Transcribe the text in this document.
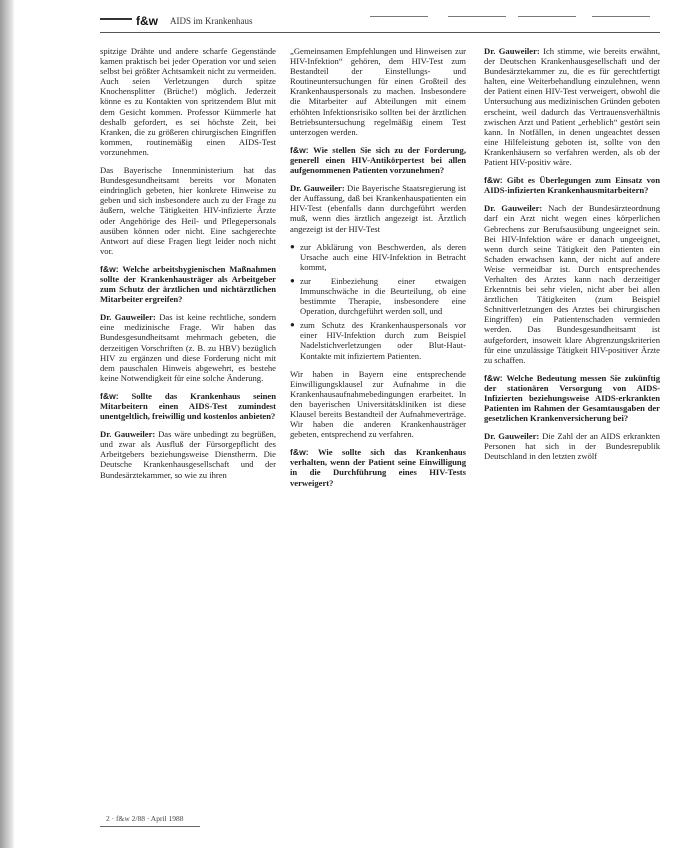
f&w AIDS im Krankenhaus

spitzige Drähte und andere scharfe Gegenstände kamen praktisch bei jeder Operation vor und seien selbst bei größter Achtsamkeit nicht zu vermeiden. Auch seien Verletzungen durch spitze Knochensplitter (Brüche!) möglich. Jederzeit könne es zu Kontakten von spritzendem Blut mit dem Gesicht kommen. Professor Kümmerle hat deshalb gefordert, es sei höchste Zeit, bei Kranken, die zu größeren chirurgischen Eingriffen kommen, routinemäßig einen AIDS-Test vorzunehmen.

Das Bayerische Innenministerium hat das Bundesgesundheitsamt bereits vor Monaten eindringlich gebeten, hier konkrete Hinweise zu geben und sich insbesondere auch zu der Frage zu äußern, welche Tätigkeiten HIV-infizierte Ärzte oder Angehörige des Heil- und Pflegepersonals ausüben können oder nicht. Eine sachgerechte Antwort auf diese Fragen liegt leider noch nicht vor.

f&w: Welche arbeitshygienischen Maßnahmen sollte der Krankenhausträger als Arbeitgeber zum Schutz der ärztlichen und nichtärztlichen Mitarbeiter ergreifen?

Dr. Gauweiler: Das ist keine rechtliche, sondern eine medizinische Frage. Wir haben das Bundesgesundheitsamt mehrmach gebeten, die derzeitigen Vorschriften (z. B. zu HBV) bezüglich HIV zu ergänzen und diese Forderung nicht mit dem pauschalen Hinweis abgewehrt, es bestehe keine Notwendigkeit für eine solche Änderung.

f&w: Sollte das Krankenhaus seinen Mitarbeitern einen AIDS-Test zumindest unentgeltlich, freiwillig und kostenlos anbieten?

Dr. Gauweiler: Das wäre unbedingt zu begrüßen, und zwar als Ausfluß der Fürsorgepflicht des Arbeitgebers beziehungsweise Dienstherrn. Die Deutsche Krankenhausgesellschaft und der Bundesärztekammer, so wie zu ihren

„Gemeinsamen Empfehlungen und Hinweisen zur HIV-Infektion“ gehören, dem HIV-Test zum Bestandteil der Einstellungs- und Routineuntersuchungen für einen Großteil des Krankenhauspersonals zu machen. Insbesondere die Mitarbeiter auf Abteilungen mit einem erhöhten Infektionsrisiko sollten bei der ärztlichen Betriebsuntersuchung regelmäßig einem Test unterzogen werden.

f&w: Wie stellen Sie sich zu der Forderung, generell einen HIV-Antikörpertest bei allen aufgenommenen Patienten vorzunehmen?

Dr. Gauweiler: Die Bayerische Staatsregierung ist der Auffassung, daß bei Krankenhauspatienten ein HIV-Test (ebenfalls dann durchgeführt werden muß, wenn dies ärztlich angezeigt ist. Ärztlich angezeigt ist der HIV-Test

● zur Abklärung von Beschwerden, als deren Ursache auch eine HIV-Infektion in Betracht kommt,
● zur Einbeziehung einer etwaigen Immunschwäche in die Beurteilung, ob eine bestimmte Therapie, insbesondere eine Operation, durchgeführt werden soll, und
● zum Schutz des Krankenhauspersonals vor einer HIV-Infektion durch zum Beispiel Nadelstichverletzungen oder Blut-Haut-Kontakte mit infiziertem Patienten.

Wir haben in Bayern eine entsprechende Einwilligungsklausel zur Aufnahme in die Krankenhausaufnahmebedingungen erarbeitet. In den bayerischen Universitätskliniken ist diese Klausel bereits Bestandteil der Aufnahmeverträge. Wir haben die anderen Krankenhausträger gebeten, entsprechend zu verfahren.

f&w: Wie sollte sich das Krankenhaus verhalten, wenn der Patient seine Einwilligung in die Durchführung eines HIV-Tests verweigert?

Dr. Gauweiler: Ich stimme, wie bereits erwähnt, der Deutschen Krankenhausgesellschaft und der Bundesärztekammer zu, die es für gerechtfertigt halten, eine Weiterbehandlung einzulehnen, wenn der Patient einen HIV-Test verweigert, obwohl die Untersuchung aus medizinischen Gründen geboten erscheint, weil dadurch das Vertrauensverhältnis zwischen Arzt und Patient „erheblich“ gestört sein kann. In Notfällen, in denen ungeachtet dessen eine Hilfeleistung geboten ist, sollte von den Krankenhäusern so verfahren werden, als ob der Patient HIV-positiv wäre.

f&w: Gibt es Überlegungen zum Einsatz von AIDS-infizierten Krankenhausmitarbeitern?

Dr. Gauweiler: Nach der Bundesärzteordnung darf ein Arzt nicht wegen eines körperlichen Gebrechens zur Berufsausübung ungeeignet sein. Bei HIV-Infektion wäre er danach ungeeignet, wenn durch seine Tätigkeit den Patienten ein Schaden erwachsen kann, der nicht auf andere Weise vermeidbar ist. Durch entsprechendes Verhalten des Arztes kann nach derzeitiger Erkenntnis bei sehr vielen, nicht aber bei allen ärztlichen Tätigkeiten (zum Beispiel Schnittverletzungen des Arztes bei chirurgischen Eingriffen) ein Patientenschaden vermieden werden. Das Bundesgesundheitsamt ist aufgefordert, insoweit klare Abgrenzungskriterien für eine unzulässige Tätigkeit HIV-positiver Ärzte zu schaffen.

f&w: Welche Bedeutung messen Sie zukünftig der stationären Versorgung von AIDS-Infizierten beziehungsweise AIDS-erkrankten Patienten im Rahmen der Gesamtausgaben der gesetzlichen Krankenversicherung bei?

Dr. Gauweiler: Die Zahl der an AIDS erkrankten Personen hat sich in der Bundesrepublik Deutschland in den letzten zwölf

2 · f&w 2/88 · April 1988
